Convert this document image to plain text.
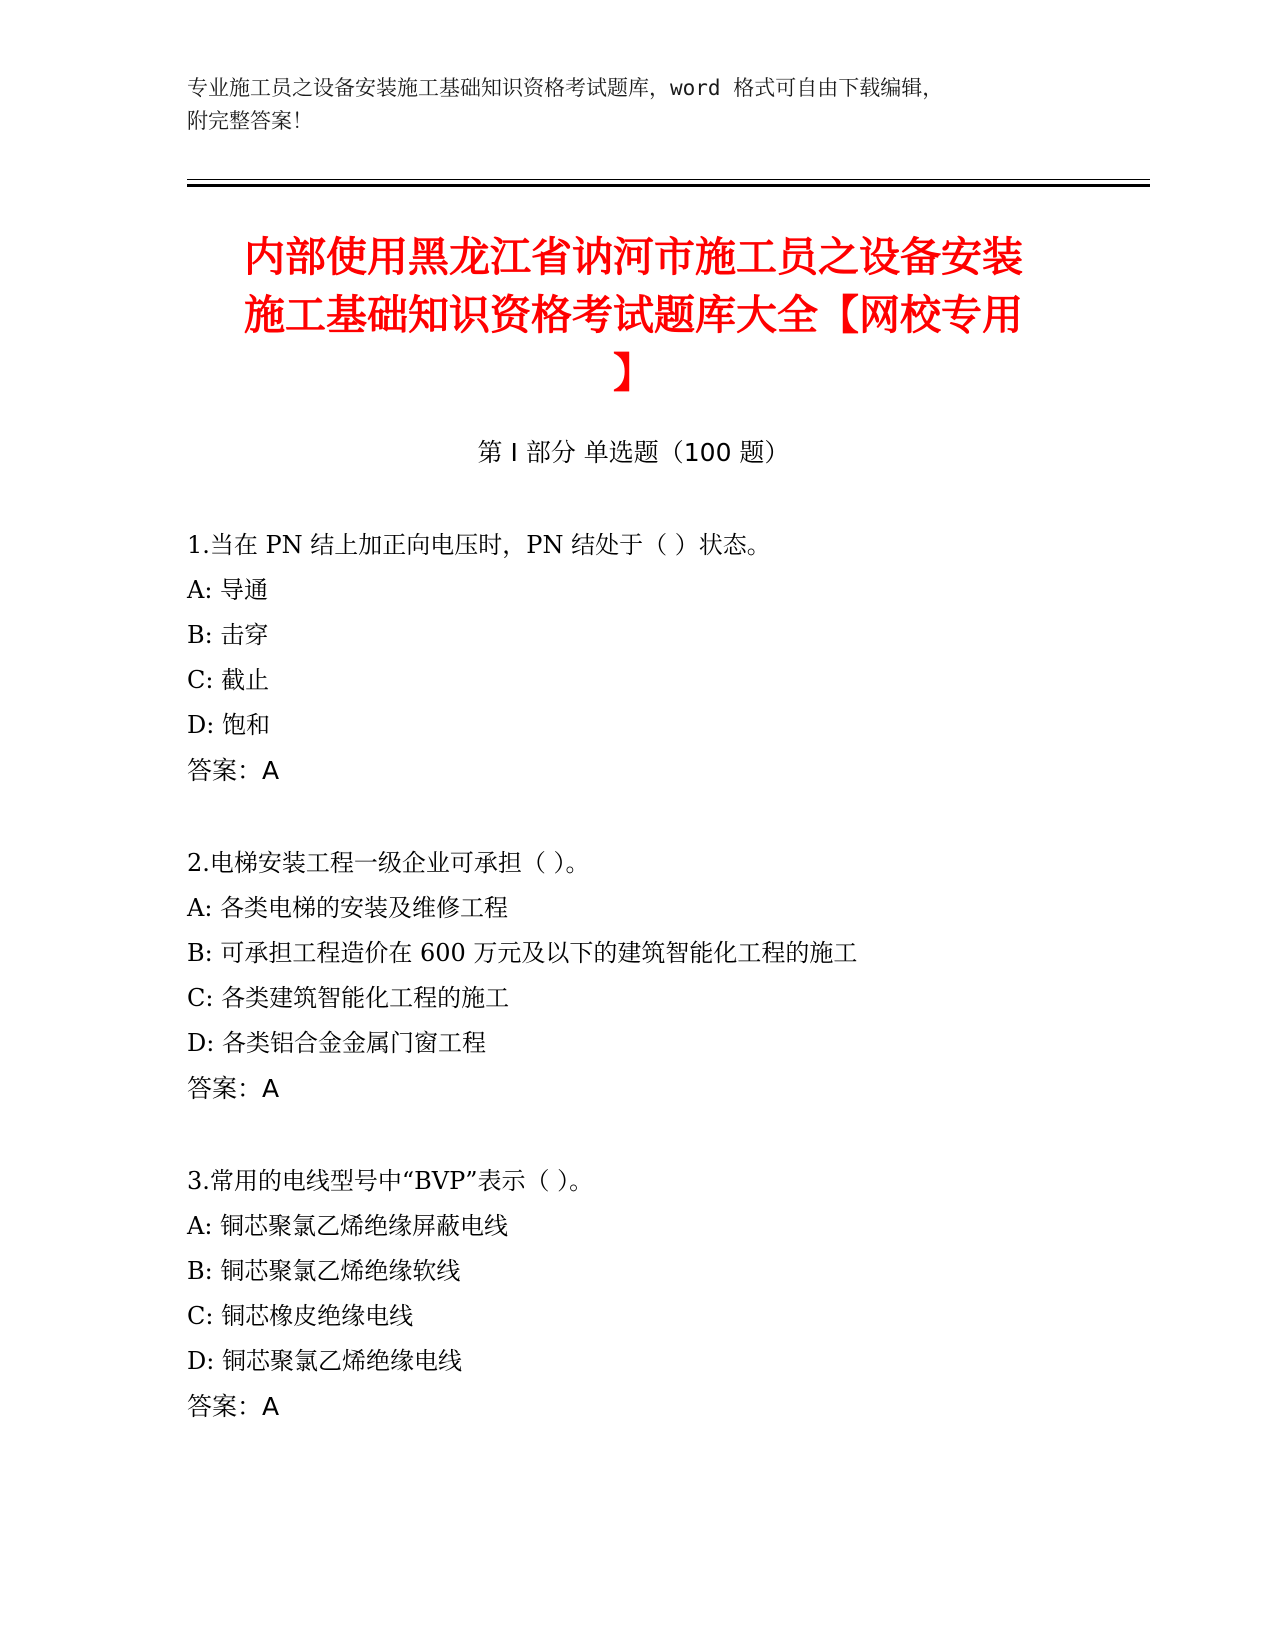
专业施工员之设备安装施工基础知识资格考试题库，word 格式可自由下载编辑，
附完整答案！
内部使用黑龙江省讷河市施工员之设备安装
施工基础知识资格考试题库大全【网校专用
】
第 I 部分 单选题（100 题）
1.当在 PN 结上加正向电压时，PN 结处于（ ）状态。
A: 导通
B: 击穿
C: 截止
D: 饱和
答案：A
2.电梯安装工程一级企业可承担（ ）。
A: 各类电梯的安装及维修工程
B: 可承担工程造价在 600 万元及以下的建筑智能化工程的施工
C: 各类建筑智能化工程的施工
D: 各类铝合金金属门窗工程
答案：A
3.常用的电线型号中“BVP”表示（ ）。
A: 铜芯聚氯乙烯绝缘屏蔽电线
B: 铜芯聚氯乙烯绝缘软线
C: 铜芯橡皮绝缘电线
D: 铜芯聚氯乙烯绝缘电线
答案：A
